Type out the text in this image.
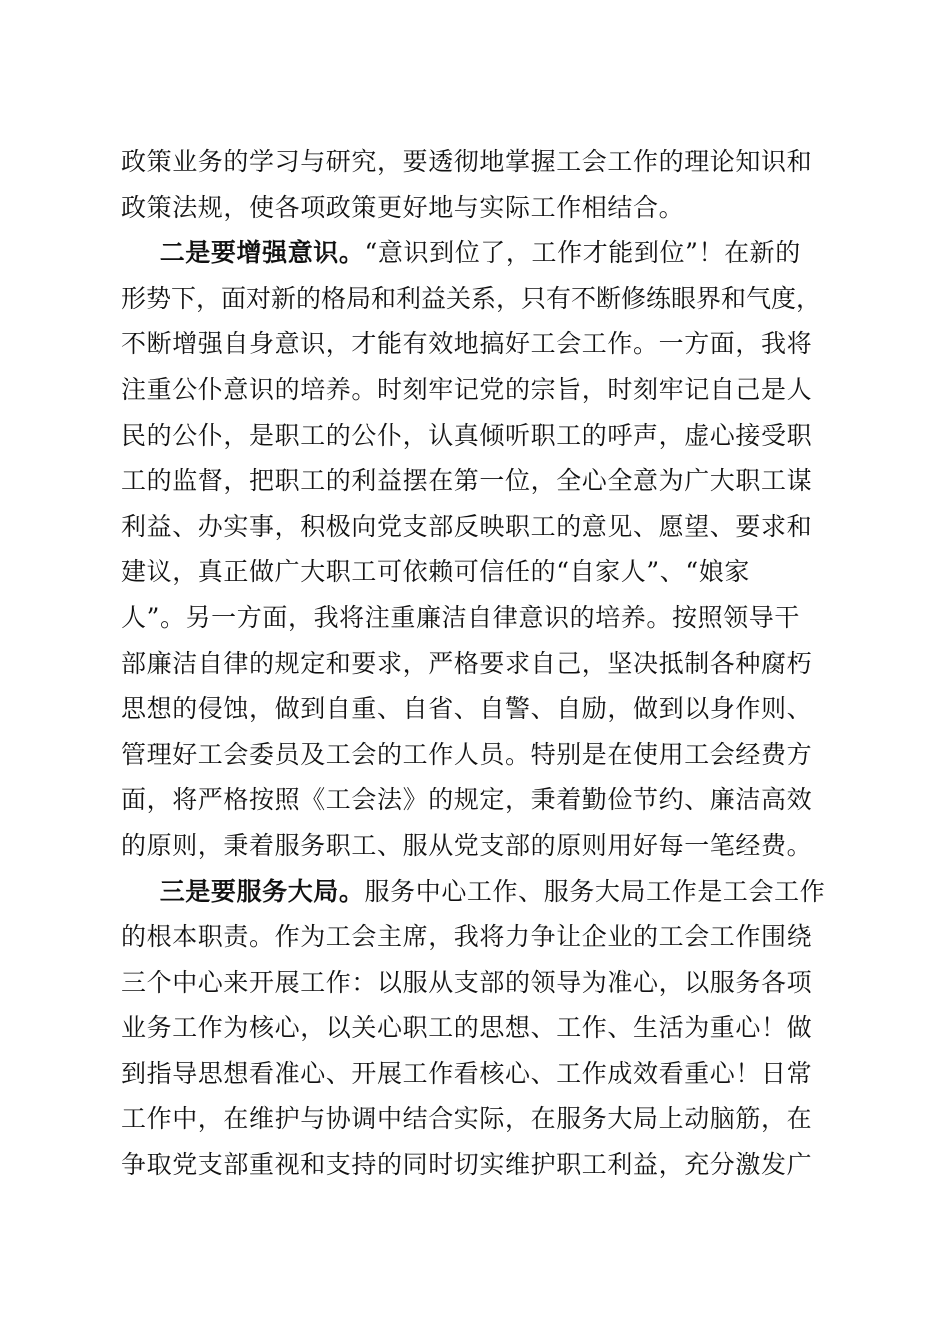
政策业务的学习与研究，要透彻地掌握工会工作的理论知识和
政策法规，使各项政策更好地与实际工作相结合。
  二是要增强意识。“意识到位了，工作才能到位”！在新的
形势下，面对新的格局和利益关系，只有不断修练眼界和气度，
不断增强自身意识，才能有效地搞好工会工作。一方面，我将
注重公仆意识的培养。时刻牢记党的宗旨，时刻牢记自己是人
民的公仆，是职工的公仆，认真倾听职工的呼声，虚心接受职
工的监督，把职工的利益摆在第一位，全心全意为广大职工谋
利益、办实事，积极向党支部反映职工的意见、愿望、要求和
建议，真正做广大职工可依赖可信任的“自家人”、“娘家
人”。另一方面，我将注重廉洁自律意识的培养。按照领导干
部廉洁自律的规定和要求，严格要求自己，坚决抵制各种腐朽
思想的侵蚀，做到自重、自省、自警、自励，做到以身作则、
管理好工会委员及工会的工作人员。特别是在使用工会经费方
面，将严格按照《工会法》的规定，秉着勤俭节约、廉洁高效
的原则，秉着服务职工、服从党支部的原则用好每一笔经费。
  三是要服务大局。服务中心工作、服务大局工作是工会工作
的根本职责。作为工会主席，我将力争让企业的工会工作围绕
三个中心来开展工作：以服从支部的领导为准心，以服务各项
业务工作为核心，以关心职工的思想、工作、生活为重心！做
到指导思想看准心、开展工作看核心、工作成效看重心！日常
工作中，在维护与协调中结合实际，在服务大局上动脑筋，在
争取党支部重视和支持的同时切实维护职工利益，充分激发广
